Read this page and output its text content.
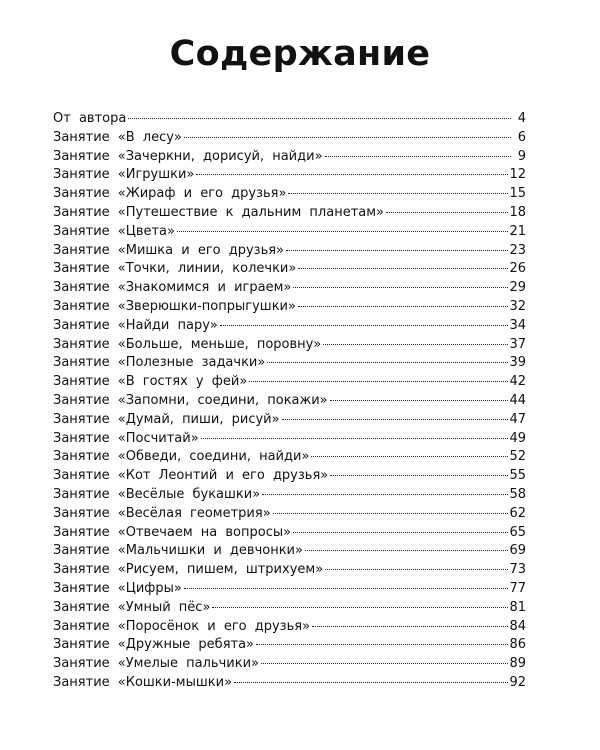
Содержание
От автора	4
Занятие «В лесу»	6
Занятие «Зачеркни, дорисуй, найди»	9
Занятие «Игрушки»	12
Занятие «Жираф и его друзья»	15
Занятие «Путешествие к дальним планетам»	18
Занятие «Цвета»	21
Занятие «Мишка и его друзья»	23
Занятие «Точки, линии, колечки»	26
Занятие «Знакомимся и играем»	29
Занятие «Зверюшки-попрыгушки»	32
Занятие «Найди пару»	34
Занятие «Больше, меньше, поровну»	37
Занятие «Полезные задачки»	39
Занятие «В гостях у фей»	42
Занятие «Запомни, соедини, покажи»	44
Занятие «Думай, пиши, рисуй»	47
Занятие «Посчитай»	49
Занятие «Обведи, соедини, найди»	52
Занятие «Кот Леонтий и его друзья»	55
Занятие «Весёлые букашки»	58
Занятие «Весёлая геометрия»	62
Занятие «Отвечаем на вопросы»	65
Занятие «Мальчишки и девчонки»	69
Занятие «Рисуем, пишем, штрихуем»	73
Занятие «Цифры»	77
Занятие «Умный пёс»	81
Занятие «Поросёнок и его друзья»	84
Занятие «Дружные ребята»	86
Занятие «Умелые пальчики»	89
Занятие «Кошки-мышки»	92
